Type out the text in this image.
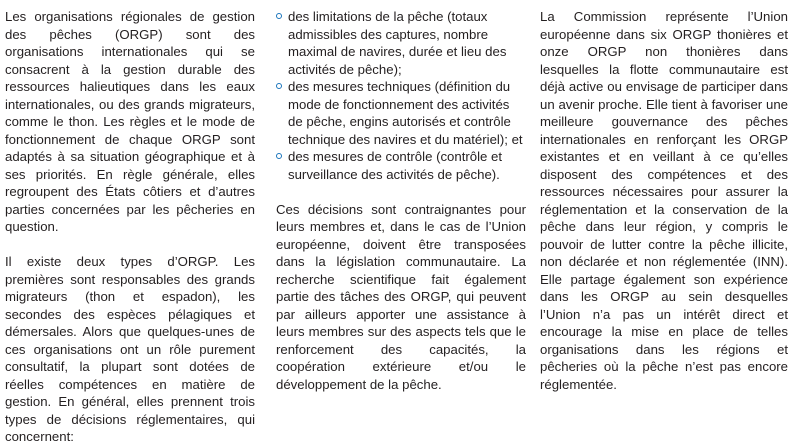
Les organisations régionales de gestion des pêches (ORGP) sont des organisations internationales qui se consacrent à la gestion durable des ressources halieutiques dans les eaux internationales, ou des grands migrateurs, comme le thon. Les règles et le mode de fonctionnement de chaque ORGP sont adaptés à sa situation géographique et à ses priorités. En règle générale, elles regroupent des États côtiers et d’autres parties concernées par les pêcheries en question.

Il existe deux types d’ORGP. Les premières sont responsables des grands migrateurs (thon et espadon), les secondes des espèces pélagiques et démersales. Alors que quelques-unes de ces organisations ont un rôle purement consultatif, la plupart sont dotées de réelles compétences en matière de gestion. En général, elles prennent trois types de décisions réglementaires, qui concernent:

des limitations de la pêche (totaux admissibles des captures, nombre maximal de navires, durée et lieu des activités de pêche);
des mesures techniques (définition du mode de fonctionnement des activités de pêche, engins autorisés et contrôle technique des navires et du matériel); et
des mesures de contrôle (contrôle et surveillance des activités de pêche).

Ces décisions sont contraignantes pour leurs membres et, dans le cas de l’Union européenne, doivent être transposées dans la législation communautaire. La recherche scientifique fait également partie des tâches des ORGP, qui peuvent par ailleurs apporter une assistance à leurs membres sur des aspects tels que le renforcement des capacités, la coopération extérieure et/ou le développement de la pêche.

La Commission représente l’Union européenne dans six ORGP thonières et onze ORGP non thonières dans lesquelles la flotte communautaire est déjà active ou envisage de participer dans un avenir proche. Elle tient à favoriser une meilleure gouvernance des pêches internationales en renforçant les ORGP existantes et en veillant à ce qu’elles disposent des compétences et des ressources nécessaires pour assurer la réglementation et la conservation de la pêche dans leur région, y compris le pouvoir de lutter contre la pêche illicite, non déclarée et non réglementée (INN). Elle partage également son expérience dans les ORGP au sein desquelles l’Union n’a pas un intérêt direct et encourage la mise en place de telles organisations dans les régions et pêcheries où la pêche n’est pas encore réglementée.
